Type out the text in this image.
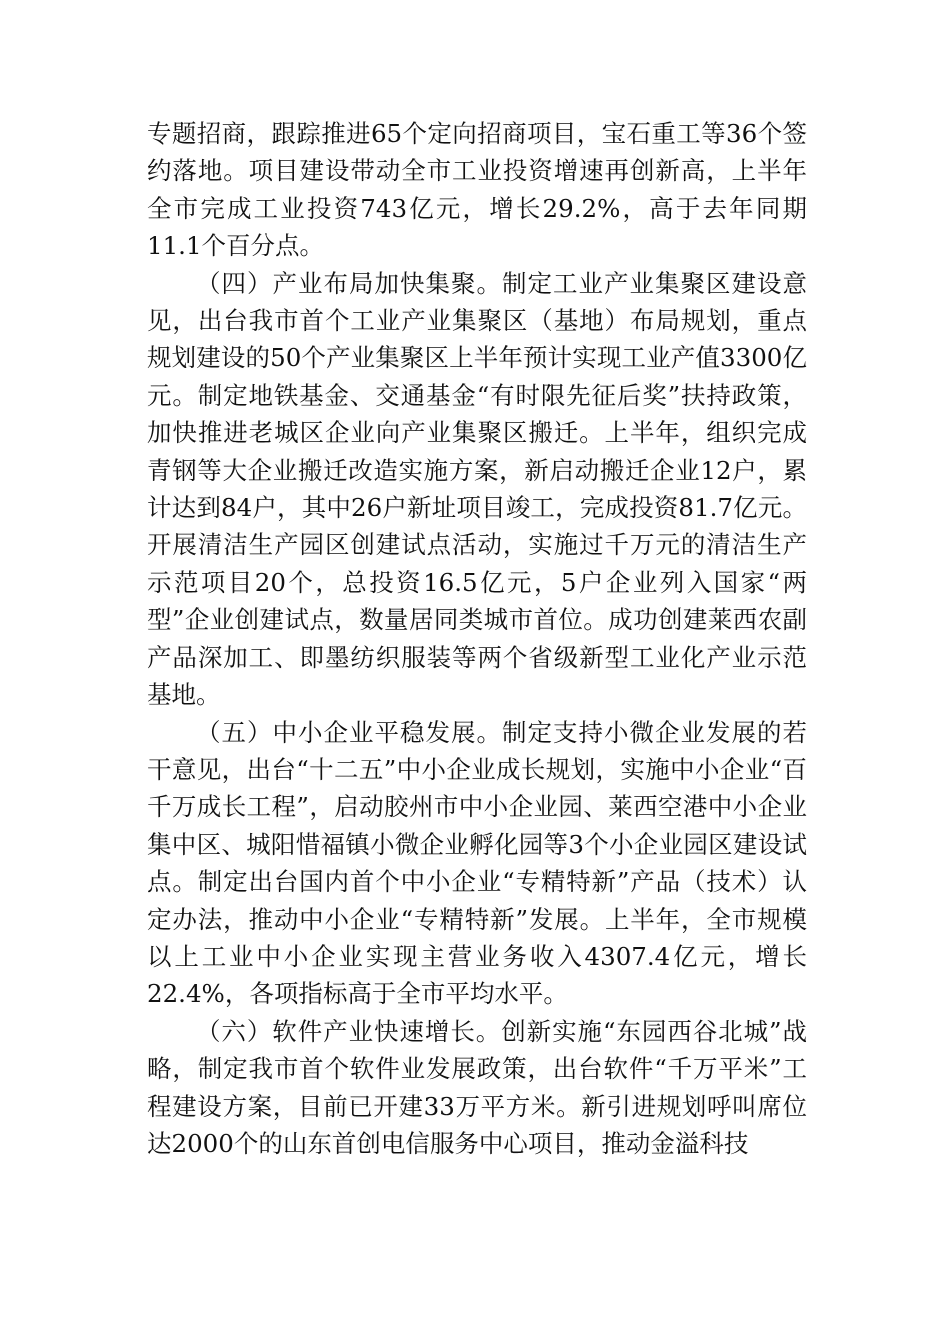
专题招商，跟踪推进65个定向招商项目，宝石重工等36个签约落地。项目建设带动全市工业投资增速再创新高，上半年全市完成工业投资743亿元，增长29.2%，高于去年同期11.1个百分点。

（四）产业布局加快集聚。制定工业产业集聚区建设意见，出台我市首个工业产业集聚区（基地）布局规划，重点规划建设的50个产业集聚区上半年预计实现工业产值3300亿元。制定地铁基金、交通基金“有时限先征后奖”扶持政策，加快推进老城区企业向产业集聚区搬迁。上半年，组织完成青钢等大企业搬迁改造实施方案，新启动搬迁企业12户，累计达到84户，其中26户新址项目竣工，完成投资81.7亿元。开展清洁生产园区创建试点活动，实施过千万元的清洁生产示范项目20个，总投资16.5亿元，5户企业列入国家“两型”企业创建试点，数量居同类城市首位。成功创建莱西农副产品深加工、即墨纺织服装等两个省级新型工业化产业示范基地。

（五）中小企业平稳发展。制定支持小微企业发展的若干意见，出台“十二五”中小企业成长规划，实施中小企业“百千万成长工程”，启动胶州市中小企业园、莱西空港中小企业集中区、城阳惜福镇小微企业孵化园等3个小企业园区建设试点。制定出台国内首个中小企业“专精特新”产品（技术）认定办法，推动中小企业“专精特新”发展。上半年，全市规模以上工业中小企业实现主营业务收入4307.4亿元，增长22.4%，各项指标高于全市平均水平。

（六）软件产业快速增长。创新实施“东园西谷北城”战略，制定我市首个软件业发展政策，出台软件“千万平米”工程建设方案，目前已开建33万平方米。新引进规划呼叫席位达2000个的山东首创电信服务中心项目，推动金溢科技
